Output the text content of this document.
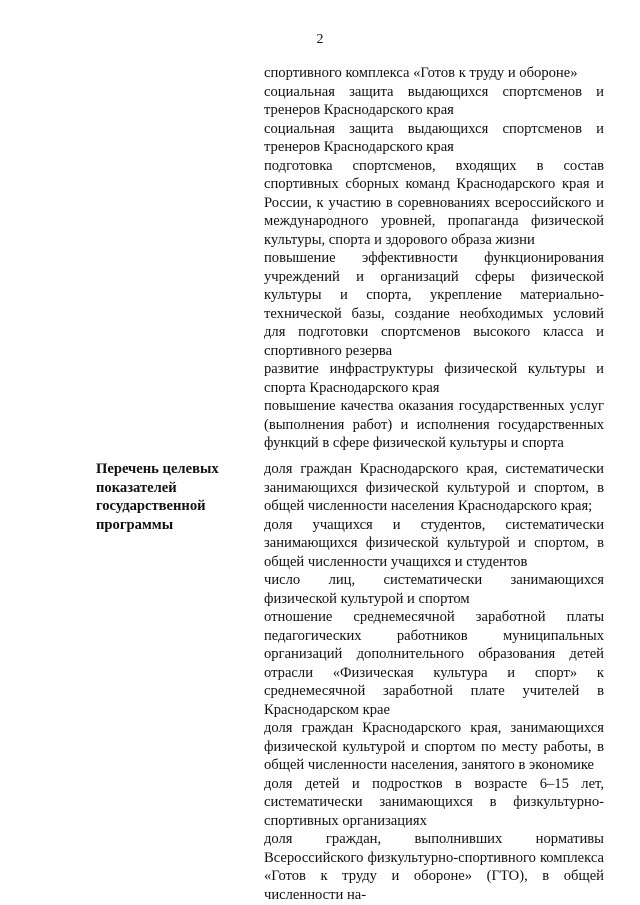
2

спортивного комплекса «Готов к труду и обороне»

социальная защита выдающихся спортсменов и тренеров Краснодарского края

социальная защита выдающихся спортсменов и тренеров Краснодарского края

подготовка спортсменов, входящих в состав спортивных сборных команд Краснодарского края и России, к участию в соревнованиях всероссийского и международного уровней, пропаганда физической культуры, спорта и здорового образа жизни

повышение эффективности функционирования учреждений и организаций сферы физической культуры и спорта, укрепление материально-технической базы, создание необходимых условий для подготовки спортсменов высокого класса и спортивного резерва

развитие инфраструктуры физической культуры и спорта Краснодарского края

повышение качества оказания государственных услуг (выполнения работ) и исполнения государственных функций в сфере физической культуры и спорта

Перечень целевых показателей государственной программы

доля граждан Краснодарского края, систематически занимающихся физической культурой и спортом, в общей численности населения Краснодарского края;

доля учащихся и студентов, систематически занимающихся физической культурой и спортом, в общей численности учащихся и студентов

число лиц, систематически занимающихся физической культурой и спортом

отношение среднемесячной заработной платы педагогических работников муниципальных организаций дополнительного образования детей отрасли «Физическая культура и спорт» к среднемесячной заработной плате учителей в Краснодарском крае

доля граждан Краснодарского края, занимающихся физической культурой и спортом по месту работы, в общей численности населения, занятого в экономике

доля детей и подростков в возрасте 6–15 лет, систематически занимающихся в физкультурно-спортивных организациях

доля граждан, выполнивших нормативы Всероссийского физкультурно-спортивного комплекса «Готов к труду и обороне» (ГТО), в общей численности на-
